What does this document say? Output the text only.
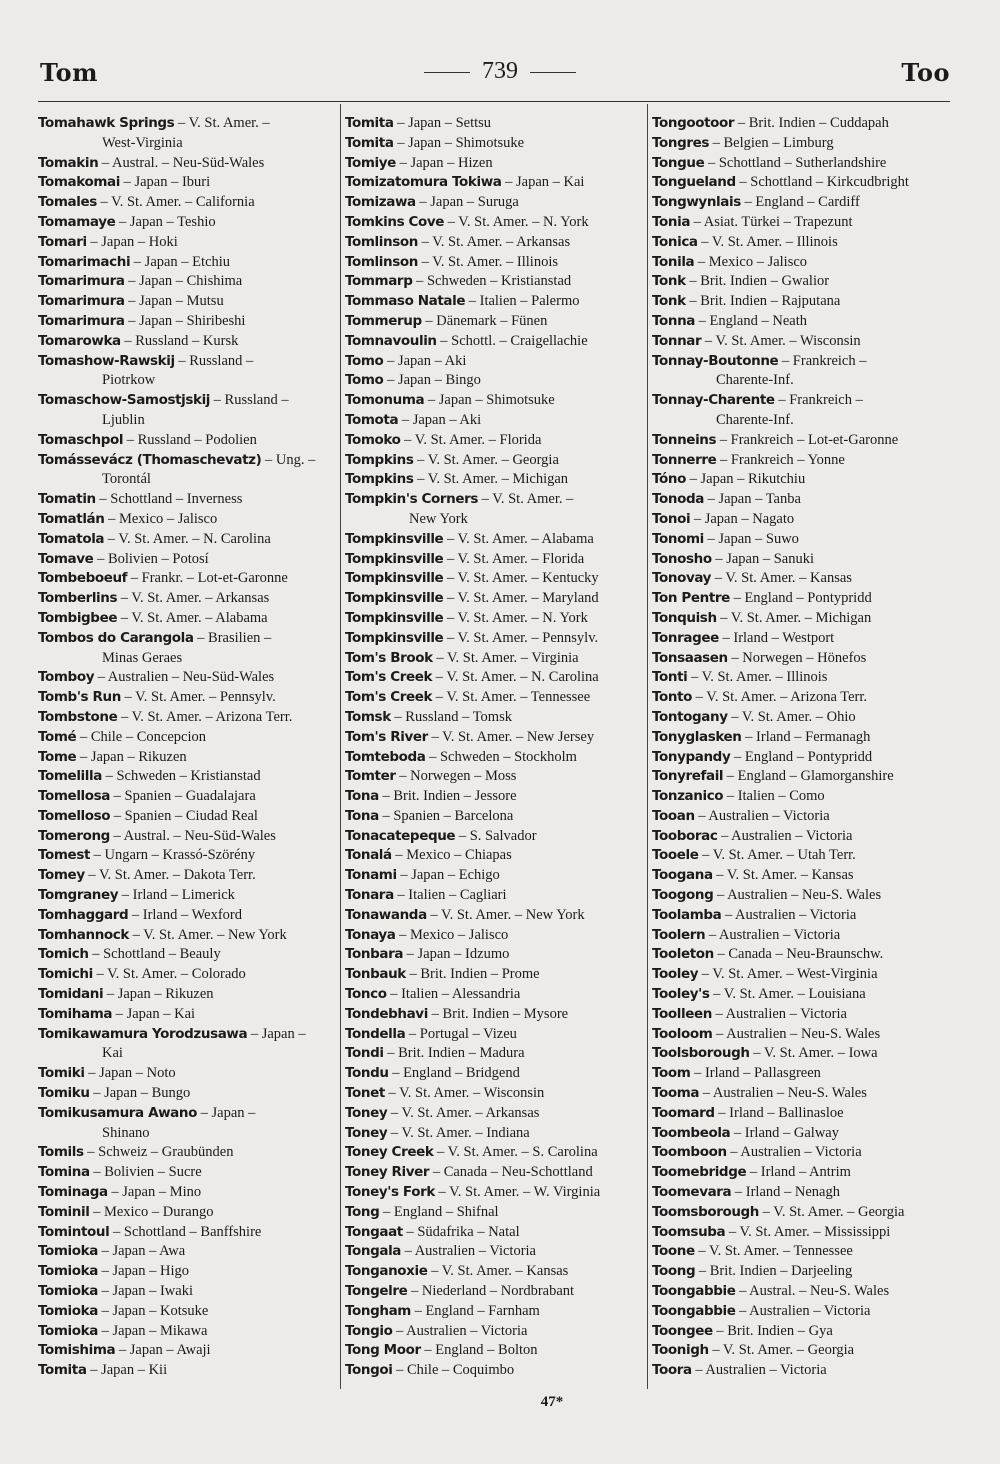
Tom	739	Too

Tomahawk Springs – V. St. Amer. –
West-Virginia

Tomakin – Austral. – Neu-Süd-Wales

Tomakomai – Japan – Iburi

Tomales – V. St. Amer. – California

Tomamaye – Japan – Teshio

Tomari – Japan – Hoki

Tomarimachi – Japan – Etchiu

Tomarimura – Japan – Chishima

Tomarimura – Japan – Mutsu

Tomarimura – Japan – Shiribeshi

Tomarowka – Russland – Kursk

Tomashow-Rawskij – Russland –
Piotrkow

Tomaschow-Samostjskij – Russland –
Ljublin

Tomaschpol – Russland – Podolien

Tomássevácz (Thomaschevatz) – Ung. –
Torontál

Tomatin – Schottland – Inverness

Tomatlán – Mexico – Jalisco

Tomatola – V. St. Amer. – N. Carolina

Tomave – Bolivien – Potosí

Tombeboeuf – Frankr. – Lot-et-Garonne

Tomberlins – V. St. Amer. – Arkansas

Tombigbee – V. St. Amer. – Alabama

Tombos do Carangola – Brasilien –
Minas Geraes

Tomboy – Australien – Neu-Süd-Wales

Tomb's Run – V. St. Amer. – Pennsylv.

Tombstone – V. St. Amer. – Arizona Terr.

Tomé – Chile – Concepcion

Tome – Japan – Rikuzen

Tomelilla – Schweden – Kristianstad

Tomellosa – Spanien – Guadalajara

Tomelloso – Spanien – Ciudad Real

Tomerong – Austral. – Neu-Süd-Wales

Tomest – Ungarn – Krassó-Szörény

Tomey – V. St. Amer. – Dakota Terr.

Tomgraney – Irland – Limerick

Tomhaggard – Irland – Wexford

Tomhannock – V. St. Amer. – New York

Tomich – Schottland – Beauly

Tomichi – V. St. Amer. – Colorado

Tomidani – Japan – Rikuzen

Tomihama – Japan – Kai

Tomikawamura Yorodzusawa – Japan –
Kai

Tomiki – Japan – Noto

Tomiku – Japan – Bungo

Tomikusamura Awano – Japan –
Shinano

Tomils – Schweiz – Graubünden

Tomina – Bolivien – Sucre

Tominaga – Japan – Mino

Tominil – Mexico – Durango

Tomintoul – Schottland – Banffshire

Tomioka – Japan – Awa

Tomioka – Japan – Higo

Tomioka – Japan – Iwaki

Tomioka – Japan – Kotsuke

Tomioka – Japan – Mikawa

Tomishima – Japan – Awaji

Tomita – Japan – Kii

Tomita – Japan – Settsu

Tomita – Japan – Shimotsuke

Tomiye – Japan – Hizen

Tomizatomura Tokiwa – Japan – Kai

Tomizawa – Japan – Suruga

Tomkins Cove – V. St. Amer. – N. York

Tomlinson – V. St. Amer. – Arkansas

Tomlinson – V. St. Amer. – Illinois

Tommarp – Schweden – Kristianstad

Tommaso Natale – Italien – Palermo

Tommerup – Dänemark – Fünen

Tomnavoulin – Schottl. – Craigellachie

Tomo – Japan – Aki

Tomo – Japan – Bingo

Tomonuma – Japan – Shimotsuke

Tomota – Japan – Aki

Tomoko – V. St. Amer. – Florida

Tompkins – V. St. Amer. – Georgia

Tompkins – V. St. Amer. – Michigan

Tompkin's Corners – V. St. Amer. –
New York

Tompkinsville – V. St. Amer. – Alabama

Tompkinsville – V. St. Amer. – Florida

Tompkinsville – V. St. Amer. – Kentucky

Tompkinsville – V. St. Amer. – Maryland

Tompkinsville – V. St. Amer. – N. York

Tompkinsville – V. St. Amer. – Pennsylv.

Tom's Brook – V. St. Amer. – Virginia

Tom's Creek – V. St. Amer. – N. Carolina

Tom's Creek – V. St. Amer. – Tennessee

Tomsk – Russland – Tomsk

Tom's River – V. St. Amer. – New Jersey

Tomteboda – Schweden – Stockholm

Tomter – Norwegen – Moss

Tona – Brit. Indien – Jessore

Tona – Spanien – Barcelona

Tonacatepeque – S. Salvador

Tonalá – Mexico – Chiapas

Tonami – Japan – Echigo

Tonara – Italien – Cagliari

Tonawanda – V. St. Amer. – New York

Tonaya – Mexico – Jalisco

Tonbara – Japan – Idzumo

Tonbauk – Brit. Indien – Prome

Tonco – Italien – Alessandria

Tondebhavi – Brit. Indien – Mysore

Tondella – Portugal – Vizeu

Tondi – Brit. Indien – Madura

Tondu – England – Bridgend

Tonet – V. St. Amer. – Wisconsin

Toney – V. St. Amer. – Arkansas

Toney – V. St. Amer. – Indiana

Toney Creek – V. St. Amer. – S. Carolina

Toney River – Canada – Neu-Schottland

Toney's Fork – V. St. Amer. – W. Virginia

Tong – England – Shifnal

Tongaat – Südafrika – Natal

Tongala – Australien – Victoria

Tonganoxie – V. St. Amer. – Kansas

Tongelre – Niederland – Nordbrabant

Tongham – England – Farnham

Tongio – Australien – Victoria

Tong Moor – England – Bolton

Tongoi – Chile – Coquimbo

Tongootoor – Brit. Indien – Cuddapah

Tongres – Belgien – Limburg

Tongue – Schottland – Sutherlandshire

Tongueland – Schottland – Kirkcudbright

Tongwynlais – England – Cardiff

Tonia – Asiat. Türkei – Trapezunt

Tonica – V. St. Amer. – Illinois

Tonila – Mexico – Jalisco

Tonk – Brit. Indien – Gwalior

Tonk – Brit. Indien – Rajputana

Tonna – England – Neath

Tonnar – V. St. Amer. – Wisconsin

Tonnay-Boutonne – Frankreich –
Charente-Inf.

Tonnay-Charente – Frankreich –
Charente-Inf.

Tonneins – Frankreich – Lot-et-Garonne

Tonnerre – Frankreich – Yonne

Tóno – Japan – Rikutchiu

Tonoda – Japan – Tanba

Tonoi – Japan – Nagato

Tonomi – Japan – Suwo

Tonosho – Japan – Sanuki

Tonovay – V. St. Amer. – Kansas

Ton Pentre – England – Pontypridd

Tonquish – V. St. Amer. – Michigan

Tonragee – Irland – Westport

Tonsaasen – Norwegen – Hönefos

Tonti – V. St. Amer. – Illinois

Tonto – V. St. Amer. – Arizona Terr.

Tontogany – V. St. Amer. – Ohio

Tonyglasken – Irland – Fermanagh

Tonypandy – England – Pontypridd

Tonyrefail – England – Glamorganshire

Tonzanico – Italien – Como

Tooan – Australien – Victoria

Tooborac – Australien – Victoria

Tooele – V. St. Amer. – Utah Terr.

Toogana – V. St. Amer. – Kansas

Toogong – Australien – Neu-S. Wales

Toolamba – Australien – Victoria

Toolern – Australien – Victoria

Tooleton – Canada – Neu-Braunschw.

Tooley – V. St. Amer. – West-Virginia

Tooley's – V. St. Amer. – Louisiana

Toolleen – Australien – Victoria

Tooloom – Australien – Neu-S. Wales

Toolsborough – V. St. Amer. – Iowa

Toom – Irland – Pallasgreen

Tooma – Australien – Neu-S. Wales

Toomard – Irland – Ballinasloe

Toombeola – Irland – Galway

Toomboon – Australien – Victoria

Toomebridge – Irland – Antrim

Toomevara – Irland – Nenagh

Toomsborough – V. St. Amer. – Georgia

Toomsuba – V. St. Amer. – Mississippi

Toone – V. St. Amer. – Tennessee

Toong – Brit. Indien – Darjeeling

Toongabbie – Austral. – Neu-S. Wales

Toongabbie – Australien – Victoria

Toongee – Brit. Indien – Gya

Toonigh – V. St. Amer. – Georgia

Toora – Australien – Victoria

47*
